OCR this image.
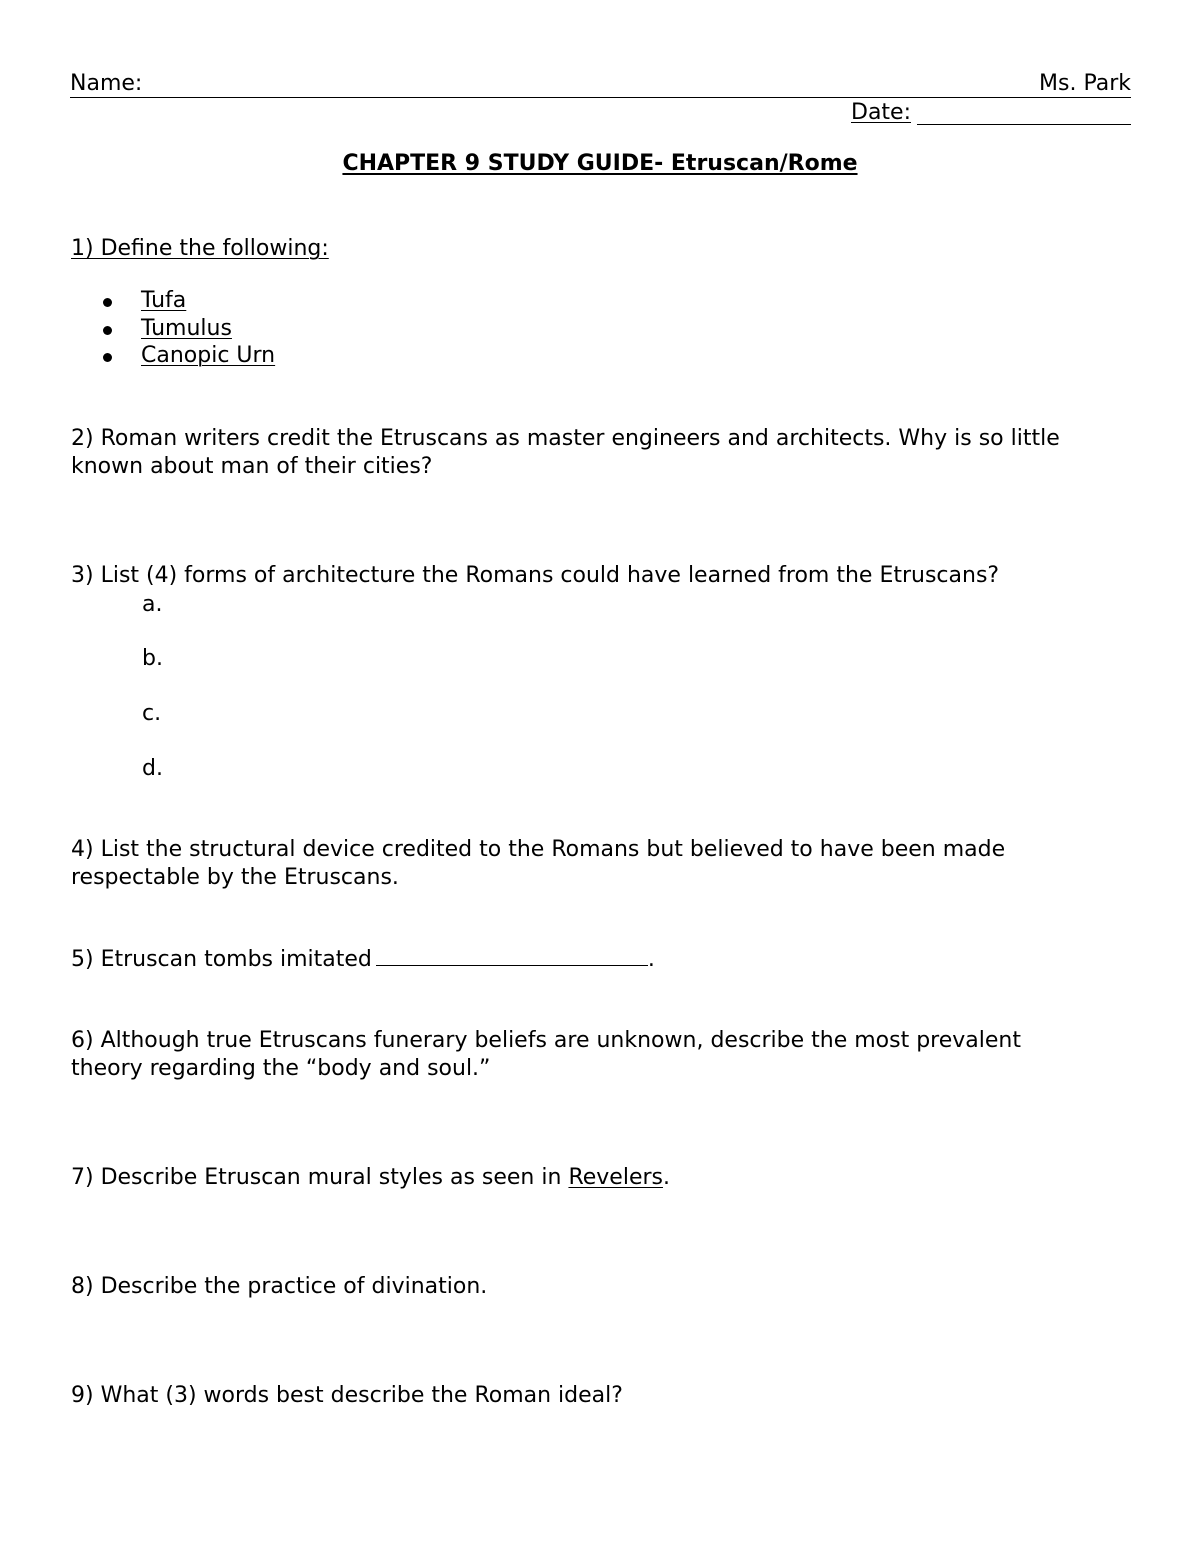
Name:	Ms. Park
Date:
CHAPTER 9 STUDY GUIDE- Etruscan/Rome
1) Define the following:
Tufa
Tumulus
Canopic Urn
2) Roman writers credit the Etruscans as master engineers and architects. Why is so little
known about man of their cities?
3) List (4) forms of architecture the Romans could have learned from the Etruscans?
a.
b.
c.
d.
4) List the structural device credited to the Romans but believed to have been made
respectable by the Etruscans.
5) Etruscan tombs imitated	.
6) Although true Etruscans funerary beliefs are unknown, describe the most prevalent
theory regarding the “body and soul.”
7) Describe Etruscan mural styles as seen in Revelers.
8) Describe the practice of divination.
9) What (3) words best describe the Roman ideal?
